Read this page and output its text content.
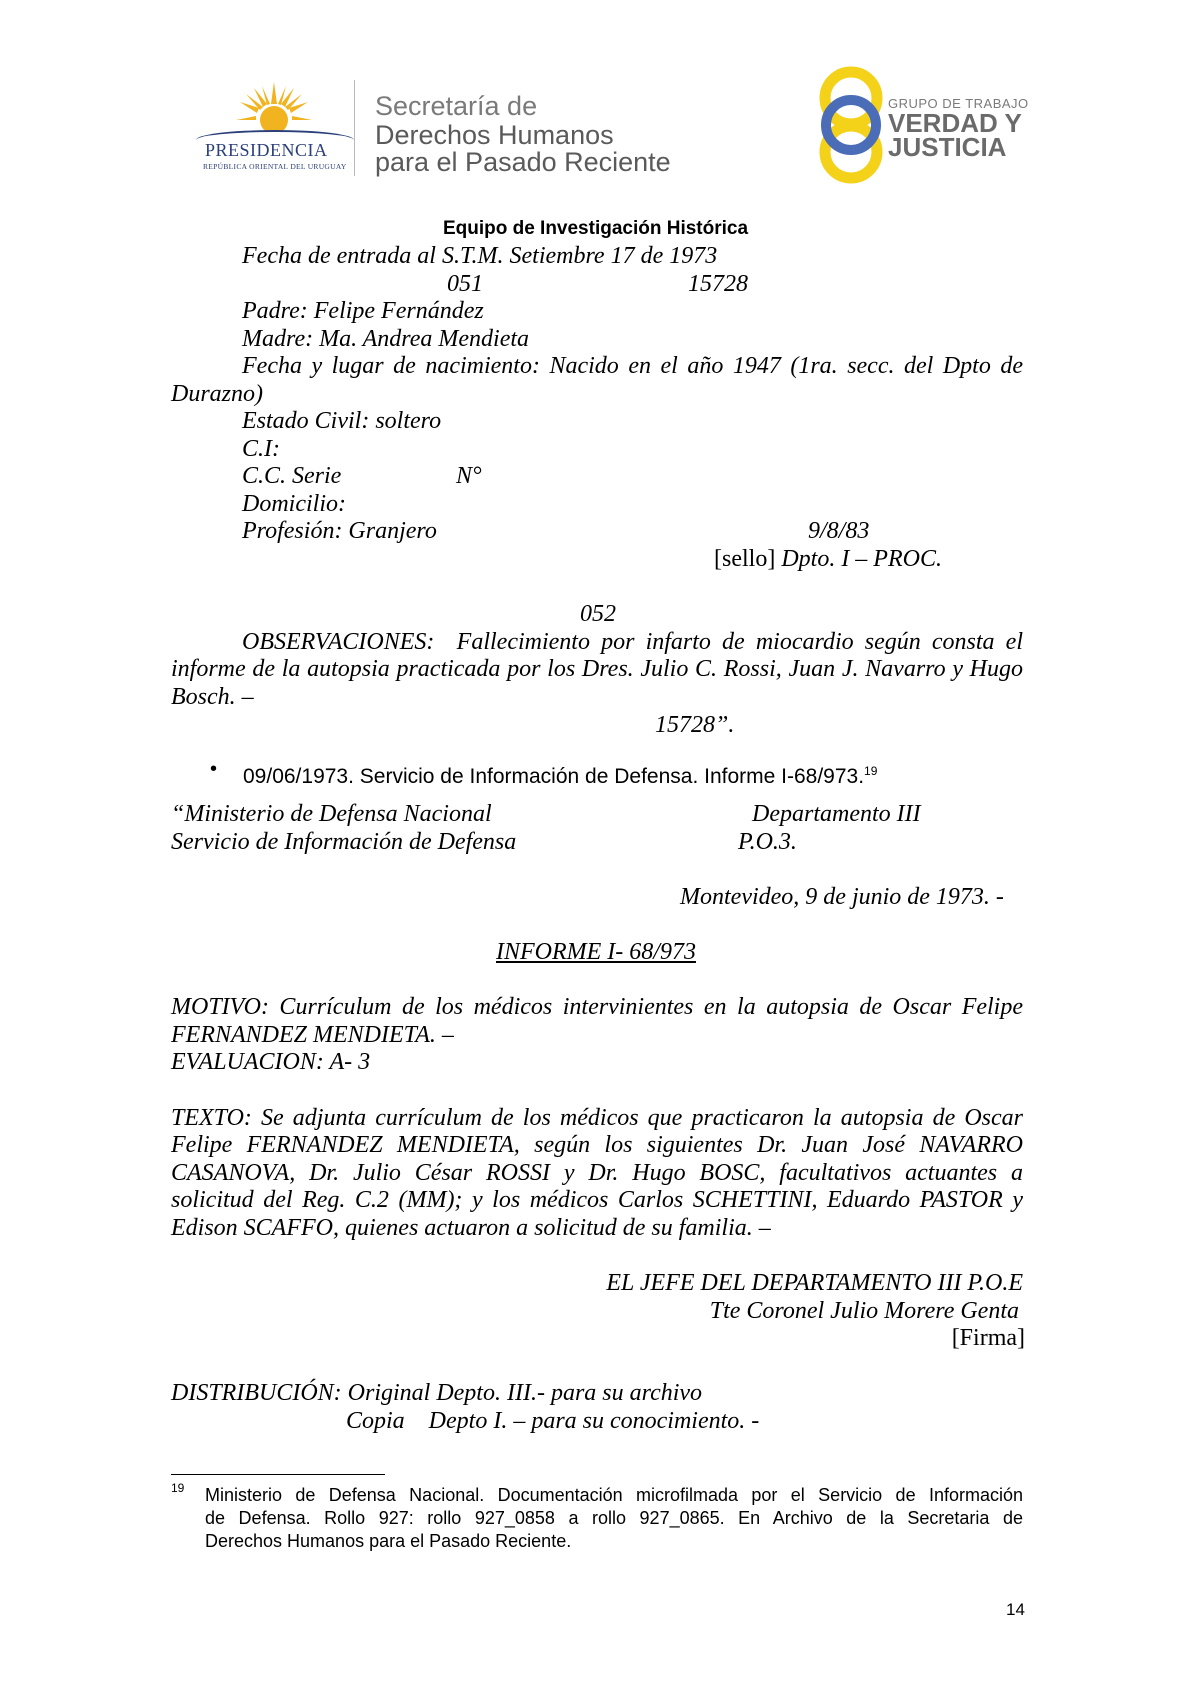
PRESIDENCIA
REPÚBLICA ORIENTAL DEL URUGUAY
Secretaría de
Derechos Humanos
para el Pasado Reciente
GRUPO DE TRABAJO
VERDAD Y
JUSTICIA
Equipo de Investigación Histórica
Fecha de entrada al S.T.M. Setiembre 17 de 1973
051	15728
Padre: Felipe Fernández
Madre: Ma. Andrea Mendieta
Fecha y lugar de nacimiento: Nacido en el año 1947 (1ra. secc. del Dpto de
Durazno)
Estado Civil: soltero
C.I:
C.C. Serie	N°
Domicilio:
Profesión: Granjero	9/8/83
[sello] Dpto. I – PROC.
052
OBSERVACIONES:  Fallecimiento por infarto de miocardio según consta el
informe de la autopsia practicada por los Dres. Julio C. Rossi, Juan J. Navarro y Hugo
Bosch. –
15728”.
• 09/06/1973. Servicio de Información de Defensa. Informe I-68/973.19
“Ministerio de Defensa Nacional	Departamento III
Servicio de Información de Defensa	P.O.3.
Montevideo, 9 de junio de 1973. -
INFORME I- 68/973
MOTIVO: Currículum de los médicos intervinientes en la autopsia de Oscar Felipe
FERNANDEZ MENDIETA. –
EVALUACION: A- 3
TEXTO: Se adjunta currículum de los médicos que practicaron la autopsia de Oscar
Felipe FERNANDEZ MENDIETA, según los siguientes Dr. Juan José NAVARRO
CASANOVA, Dr. Julio César ROSSI y Dr. Hugo BOSC, facultativos actuantes a
solicitud del Reg. C.2 (MM); y los médicos Carlos SCHETTINI, Eduardo PASTOR y
Edison SCAFFO, quienes actuaron a solicitud de su familia. –
EL JEFE DEL DEPARTAMENTO III P.O.E
Tte Coronel Julio Morere Genta
[Firma]
DISTRIBUCIÓN: Original Depto. III.- para su archivo
Copia    Depto I. – para su conocimiento. -
19 Ministerio de Defensa Nacional. Documentación microfilmada por el Servicio de Información
de Defensa. Rollo 927: rollo 927_0858 a rollo 927_0865. En Archivo de la Secretaria de
Derechos Humanos para el Pasado Reciente.
14
